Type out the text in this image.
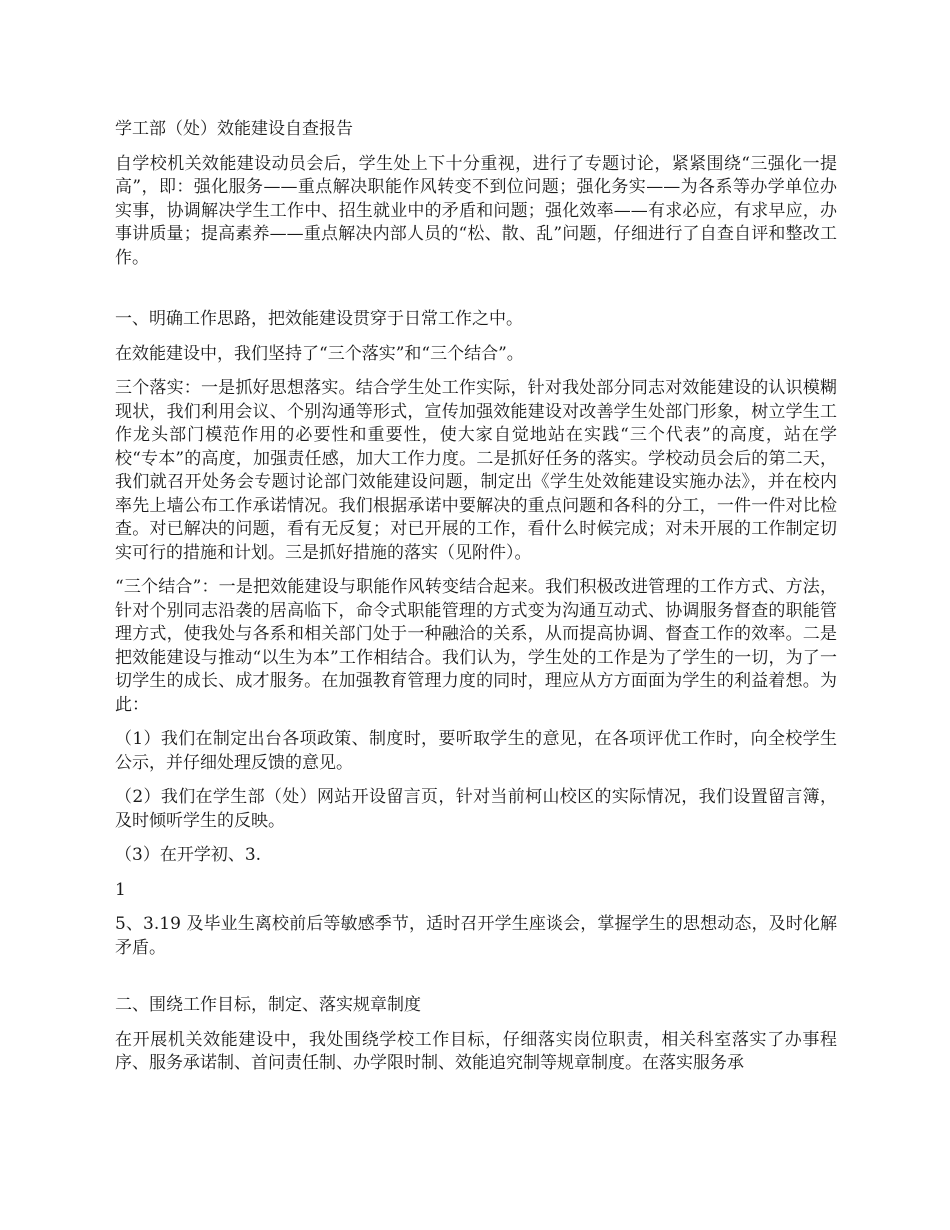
学工部（处）效能建设自查报告

自学校机关效能建设动员会后，学生处上下十分重视，进行了专题讨论，紧紧围绕“三强化一提高”，即：强化服务——重点解决职能作风转变不到位问题；强化务实——为各系等办学单位办实事，协调解决学生工作中、招生就业中的矛盾和问题；强化效率——有求必应，有求早应，办事讲质量；提高素养——重点解决内部人员的“松、散、乱”问题，仔细进行了自查自评和整改工作。

一、明确工作思路，把效能建设贯穿于日常工作之中。

在效能建设中，我们坚持了“三个落实”和“三个结合”。

三个落实：一是抓好思想落实。结合学生处工作实际，针对我处部分同志对效能建设的认识模糊现状，我们利用会议、个别沟通等形式，宣传加强效能建设对改善学生处部门形象，树立学生工作龙头部门模范作用的必要性和重要性，使大家自觉地站在实践“三个代表”的高度，站在学校“专本”的高度，加强责任感，加大工作力度。二是抓好任务的落实。学校动员会后的第二天，我们就召开处务会专题讨论部门效能建设问题，制定出《学生处效能建设实施办法》，并在校内率先上墙公布工作承诺情况。我们根据承诺中要解决的重点问题和各科的分工，一件一件对比检查。对已解决的问题，看有无反复；对已开展的工作，看什么时候完成；对未开展的工作制定切实可行的措施和计划。三是抓好措施的落实（见附件）。

“三个结合”：一是把效能建设与职能作风转变结合起来。我们积极改进管理的工作方式、方法，针对个别同志沿袭的居高临下，命令式职能管理的方式变为沟通互动式、协调服务督查的职能管理方式，使我处与各系和相关部门处于一种融洽的关系，从而提高协调、督查工作的效率。二是把效能建设与推动“以生为本”工作相结合。我们认为，学生处的工作是为了学生的一切，为了一切学生的成长、成才服务。在加强教育管理力度的同时，理应从方方面面为学生的利益着想。为此：

（1）我们在制定出台各项政策、制度时，要听取学生的意见，在各项评优工作时，向全校学生公示，并仔细处理反馈的意见。

（2）我们在学生部（处）网站开设留言页，针对当前柯山校区的实际情况，我们设置留言簿，及时倾听学生的反映。

（3）在开学初、3.

1

5、3.19 及毕业生离校前后等敏感季节，适时召开学生座谈会，掌握学生的思想动态，及时化解矛盾。

二、围绕工作目标，制定、落实规章制度

在开展机关效能建设中，我处围绕学校工作目标，仔细落实岗位职责，相关科室落实了办事程序、服务承诺制、首问责任制、办学限时制、效能追究制等规章制度。在落实服务承
